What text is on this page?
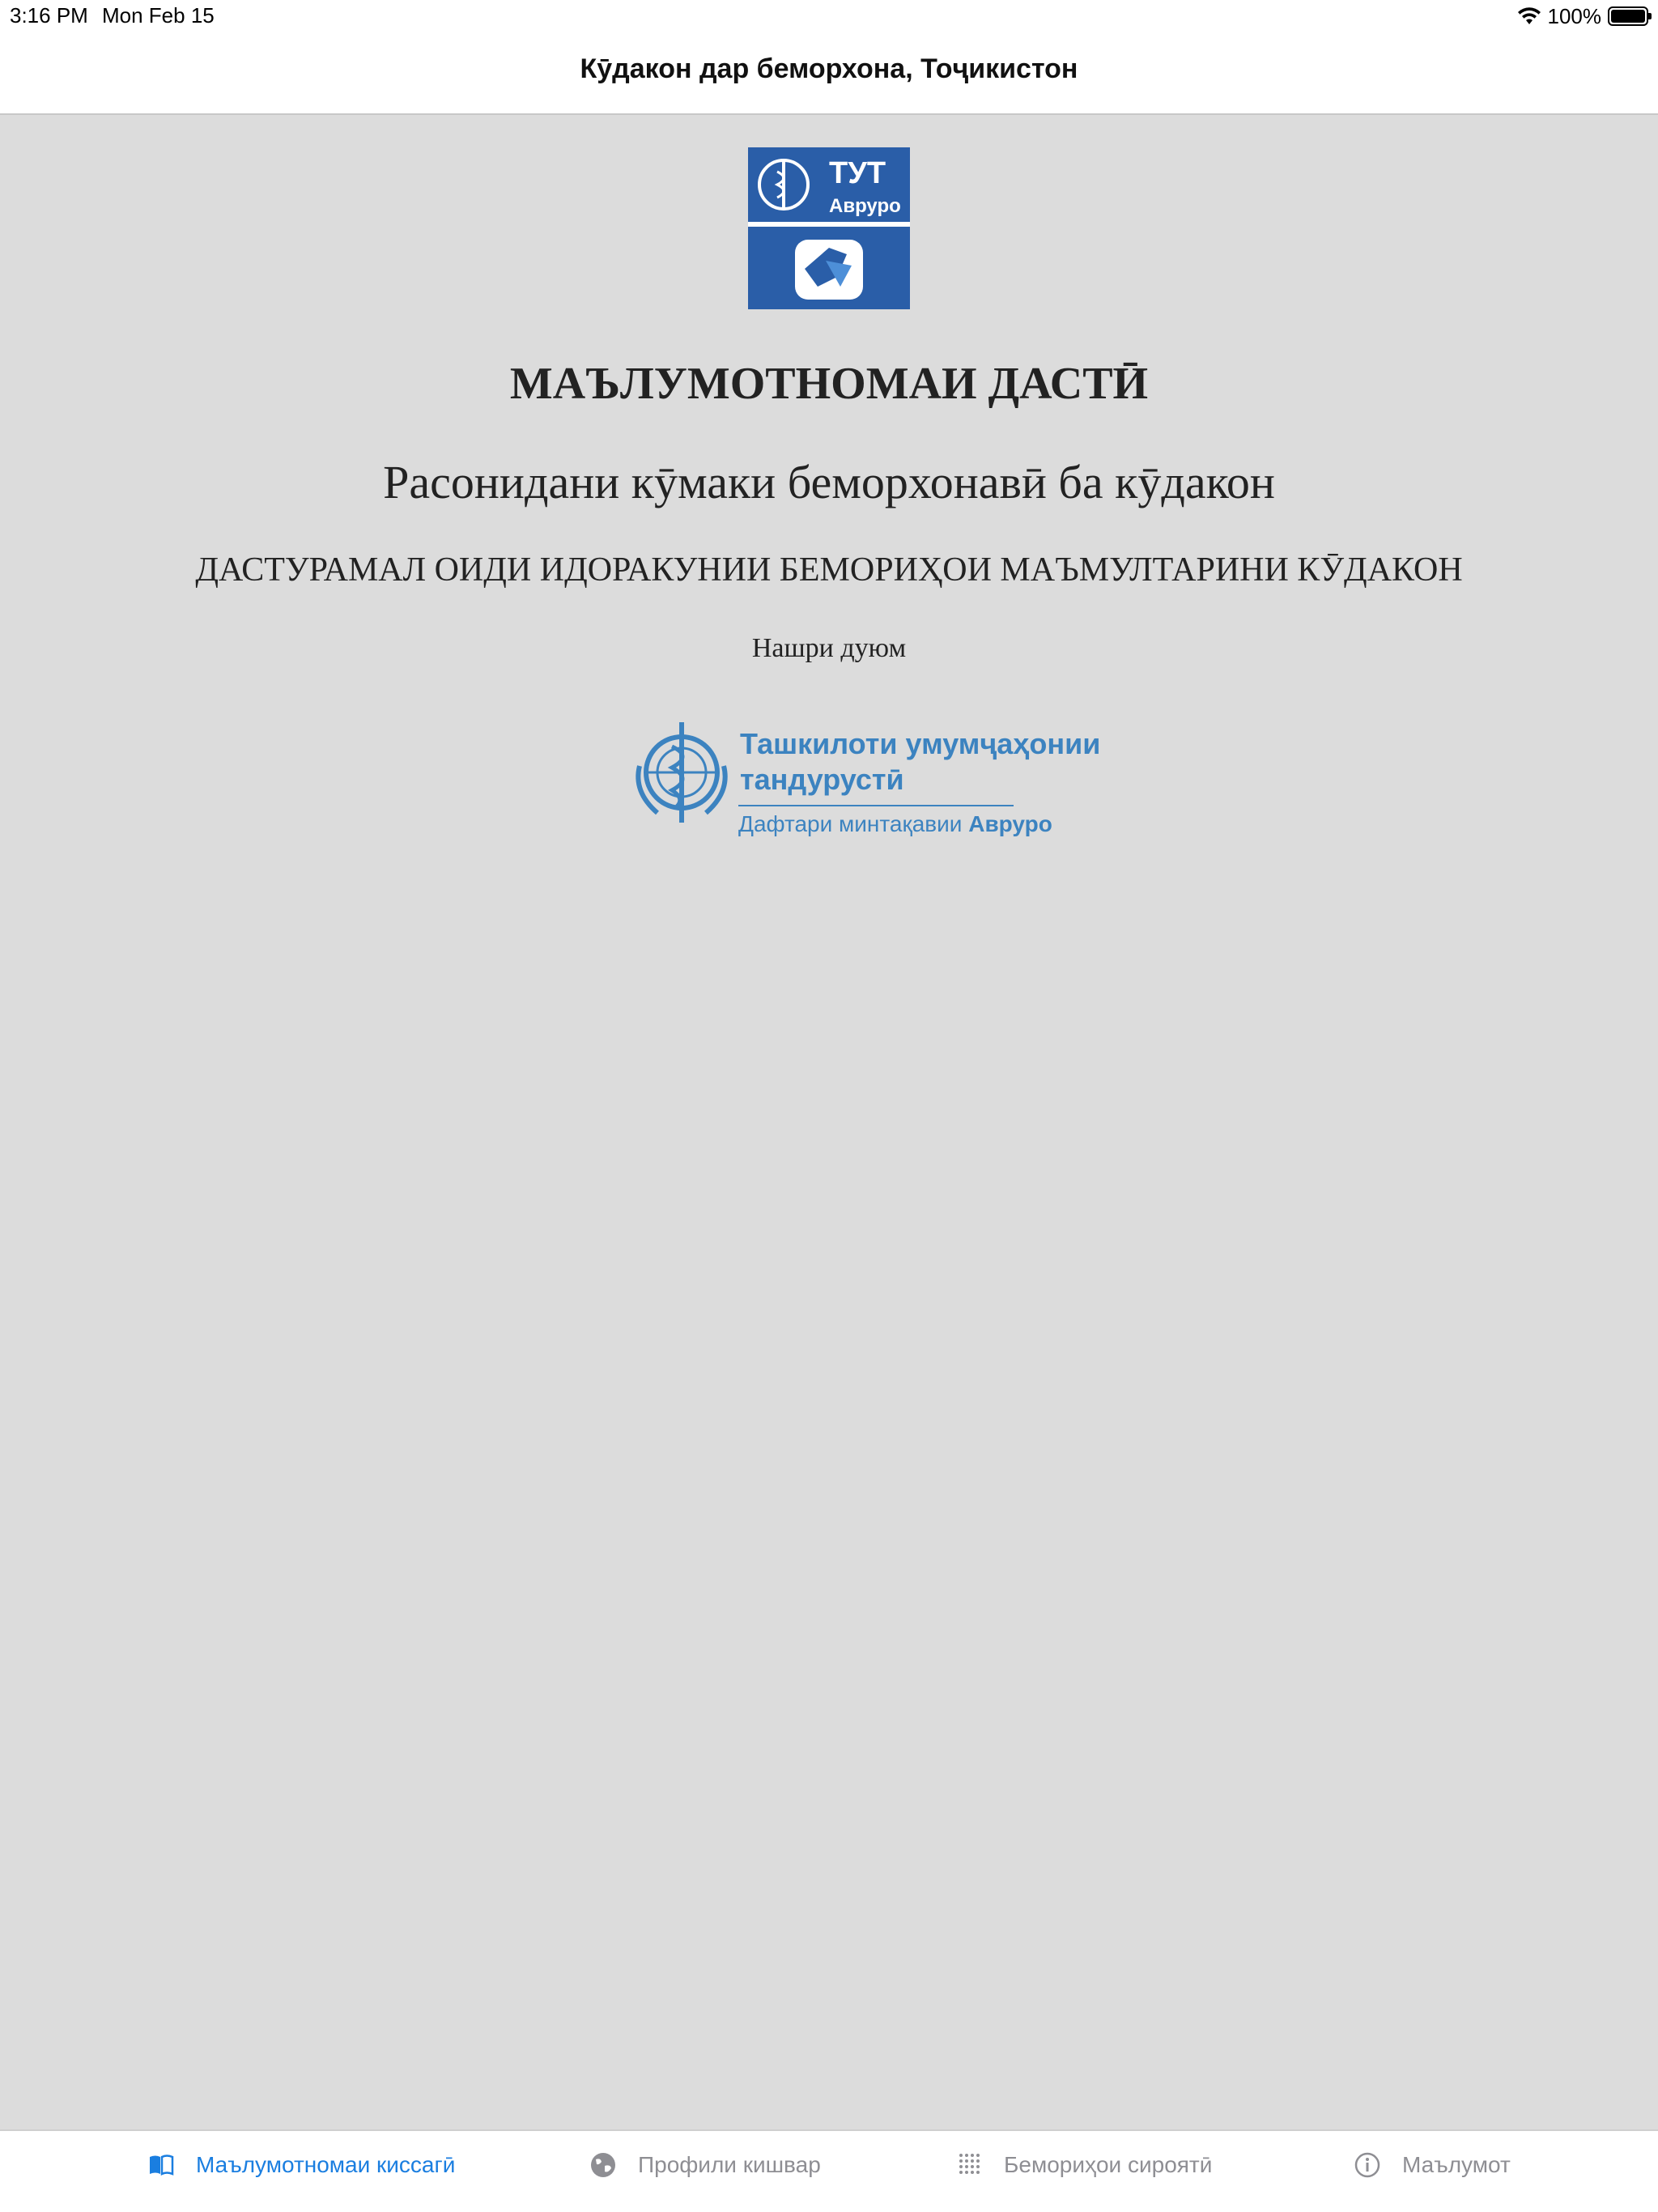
3:16 PM Mon Feb 15	100%
Кӯдакон дар беморхона, Тоҷикистон
ТУТ
Авруро
МАЪЛУМОТНОМАИ ДАСТӢ
Расонидани кӯмаки беморхонавӣ ба кӯдакон
ДАСТУРАМАЛ ОИДИ ИДОРАКУНИИ БЕМОРИҲОИ МАЪМУЛТАРИНИ КӮДАКОН
Нашри дуюм
Ташкилоти умумҷаҳонии
тандурустӣ
Дафтари минтақавии Авруро
Маълумотномаи киссагӣ	Профили кишвар	Бемориҳои сироятӣ	Маълумот
